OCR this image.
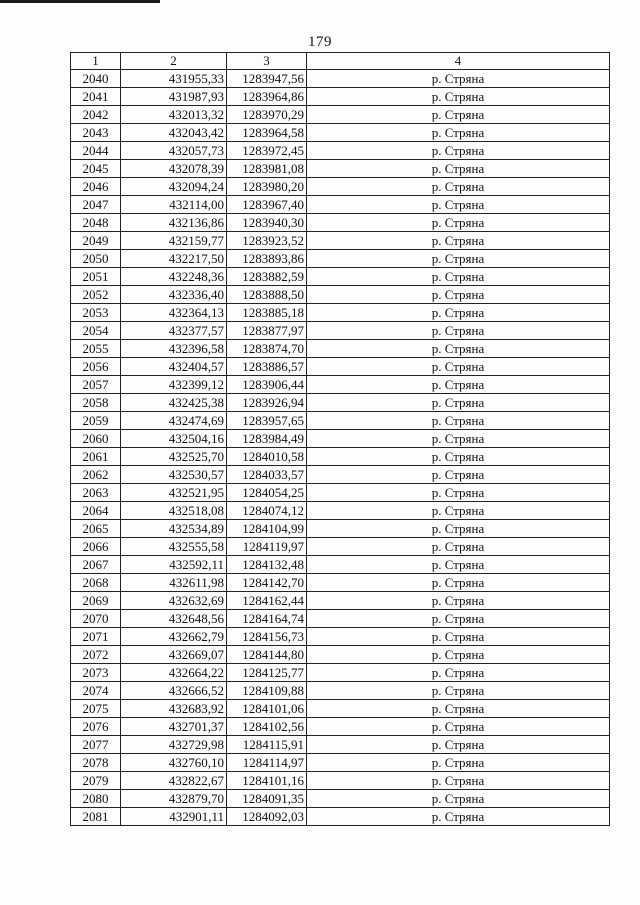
179
1	2	3	4
2040	431955,33	1283947,56	р. Стряна
2041	431987,93	1283964,86	р. Стряна
2042	432013,32	1283970,29	р. Стряна
2043	432043,42	1283964,58	р. Стряна
2044	432057,73	1283972,45	р. Стряна
2045	432078,39	1283981,08	р. Стряна
2046	432094,24	1283980,20	р. Стряна
2047	432114,00	1283967,40	р. Стряна
2048	432136,86	1283940,30	р. Стряна
2049	432159,77	1283923,52	р. Стряна
2050	432217,50	1283893,86	р. Стряна
2051	432248,36	1283882,59	р. Стряна
2052	432336,40	1283888,50	р. Стряна
2053	432364,13	1283885,18	р. Стряна
2054	432377,57	1283877,97	р. Стряна
2055	432396,58	1283874,70	р. Стряна
2056	432404,57	1283886,57	р. Стряна
2057	432399,12	1283906,44	р. Стряна
2058	432425,38	1283926,94	р. Стряна
2059	432474,69	1283957,65	р. Стряна
2060	432504,16	1283984,49	р. Стряна
2061	432525,70	1284010,58	р. Стряна
2062	432530,57	1284033,57	р. Стряна
2063	432521,95	1284054,25	р. Стряна
2064	432518,08	1284074,12	р. Стряна
2065	432534,89	1284104,99	р. Стряна
2066	432555,58	1284119,97	р. Стряна
2067	432592,11	1284132,48	р. Стряна
2068	432611,98	1284142,70	р. Стряна
2069	432632,69	1284162,44	р. Стряна
2070	432648,56	1284164,74	р. Стряна
2071	432662,79	1284156,73	р. Стряна
2072	432669,07	1284144,80	р. Стряна
2073	432664,22	1284125,77	р. Стряна
2074	432666,52	1284109,88	р. Стряна
2075	432683,92	1284101,06	р. Стряна
2076	432701,37	1284102,56	р. Стряна
2077	432729,98	1284115,91	р. Стряна
2078	432760,10	1284114,97	р. Стряна
2079	432822,67	1284101,16	р. Стряна
2080	432879,70	1284091,35	р. Стряна
2081	432901,11	1284092,03	р. Стряна
